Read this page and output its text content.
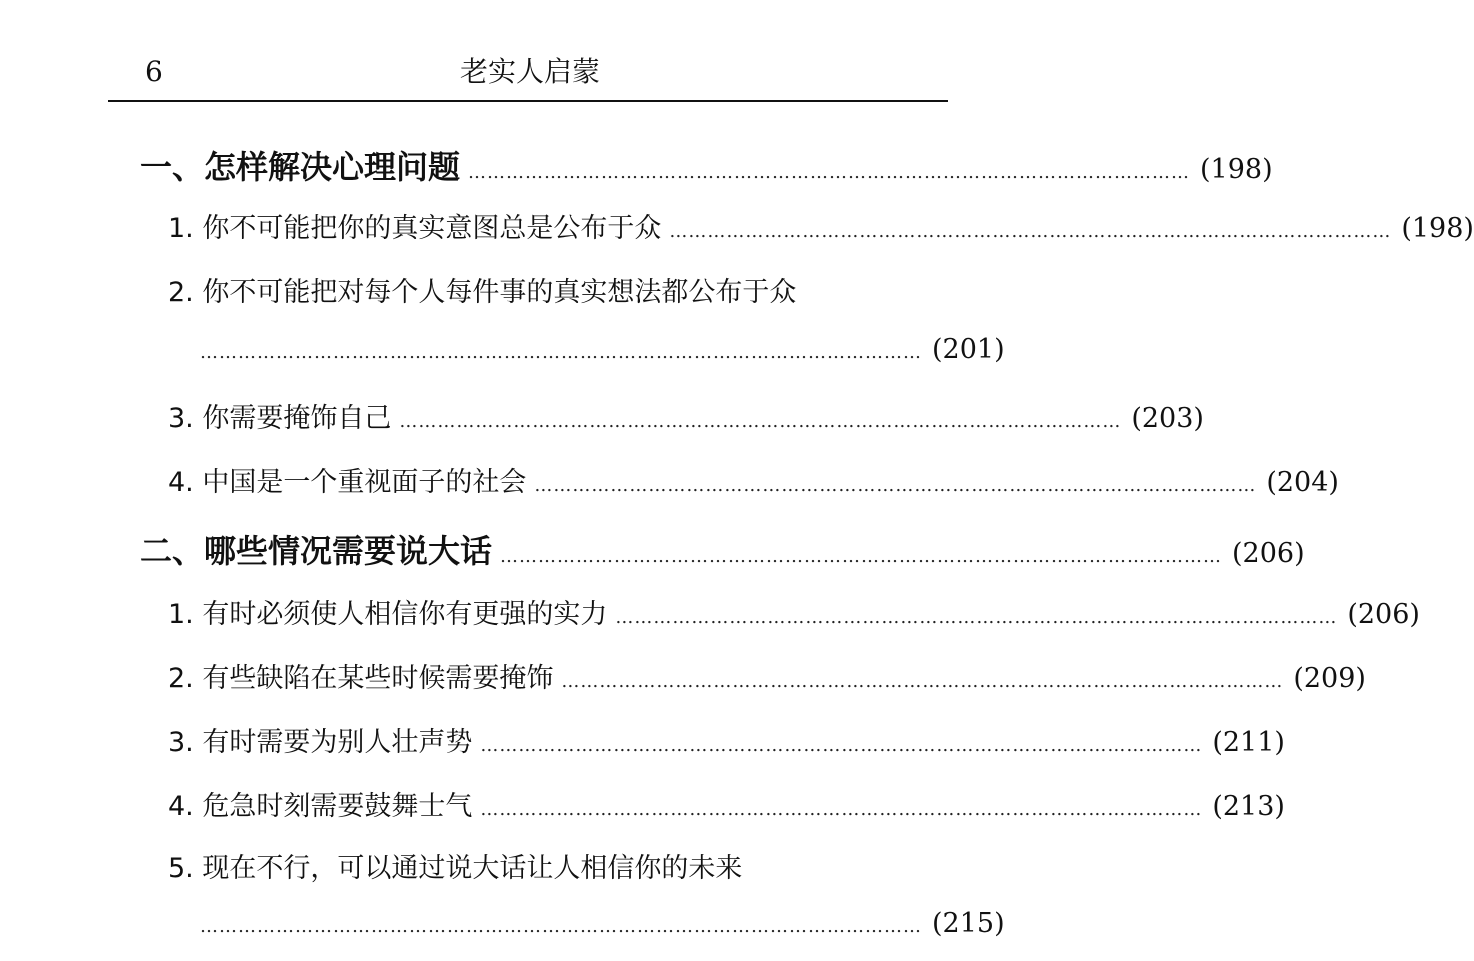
6	老实人启蒙
一、怎样解决心理问题 …………………………………………………………………………………………………… (198)
1. 你不可能把你的真实意图总是公布于众 …………………………………………………………………………………………………… (198)
2. 你不可能把对每个人每件事的真实想法都公布于众
…………………………………………………………………………………………………… (201)
3. 你需要掩饰自己 …………………………………………………………………………………………………… (203)
4. 中国是一个重视面子的社会 …………………………………………………………………………………………………… (204)
二、哪些情况需要说大话 …………………………………………………………………………………………………… (206)
1. 有时必须使人相信你有更强的实力 …………………………………………………………………………………………………… (206)
2. 有些缺陷在某些时候需要掩饰 …………………………………………………………………………………………………… (209)
3. 有时需要为别人壮声势 …………………………………………………………………………………………………… (211)
4. 危急时刻需要鼓舞士气 …………………………………………………………………………………………………… (213)
5. 现在不行，可以通过说大话让人相信你的未来
…………………………………………………………………………………………………… (215)
